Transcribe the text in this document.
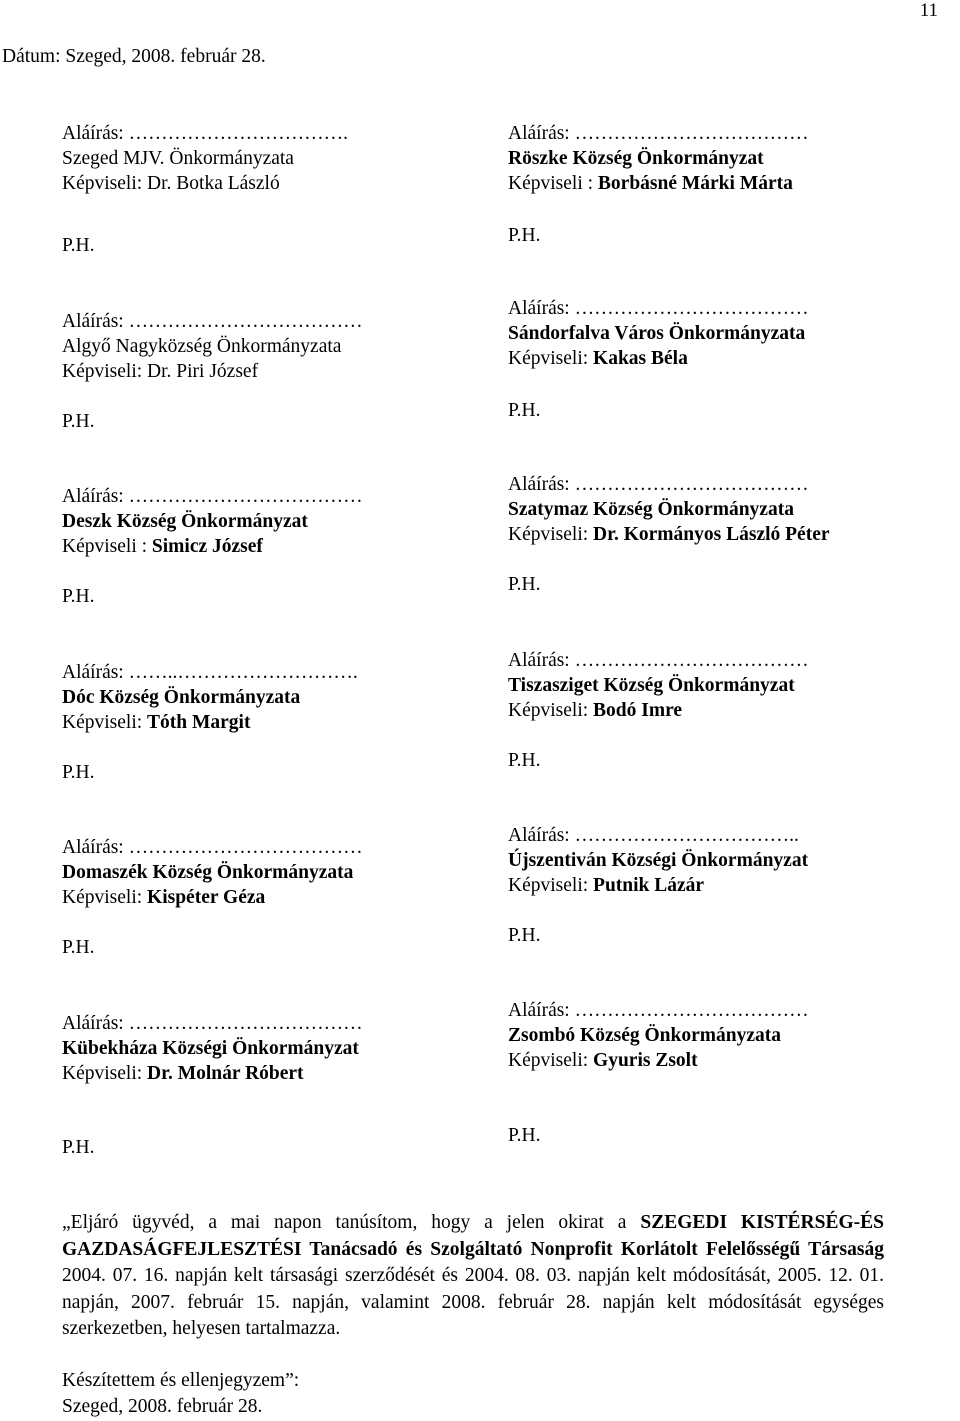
11
Dátum: Szeged, 2008. február 28.
Aláírás: …………………………….
Szeged MJV. Önkormányzata
Képviseli: Dr. Botka László
P.H.
Aláírás: ………………………………
Röszke Község Önkormányzat
Képviseli : Borbásné Márki Márta
P.H.
Aláírás: ………………………………
Algyő Nagyközség Önkormányzata
Képviseli: Dr. Piri József
P.H.
Aláírás: ………………………………
Sándorfalva Város Önkormányzata
Képviseli: Kakas Béla
P.H.
Aláírás: ………………………………
Deszk Község Önkormányzat
Képviseli : Simicz József
P.H.
Aláírás: ………………………………
Szatymaz Község Önkormányzata
Képviseli: Dr. Kormányos László Péter
P.H.
Aláírás: ……..……………………….
Dóc Község Önkormányzata
Képviseli: Tóth Margit
P.H.
Aláírás: ………………………………
Tiszasziget Község Önkormányzat
Képviseli: Bodó Imre
P.H.
Aláírás: ………………………………
Domaszék Község Önkormányzata
Képviseli: Kispéter Géza
P.H.
Aláírás: ……………………………..
Újszentiván Községi Önkormányzat
Képviseli: Putnik Lázár
P.H.
Aláírás: ………………………………
Kübekháza Községi Önkormányzat
Képviseli: Dr. Molnár Róbert
P.H.
Aláírás: ………………………………
Zsombó Község Önkormányzata
Képviseli: Gyuris Zsolt
P.H.
„Eljáró ügyvéd, a mai napon tanúsítom, hogy a jelen okirat a SZEGEDI KISTÉRSÉG-ÉS GAZDASÁGFEJLESZTÉSI Tanácsadó és Szolgáltató Nonprofit Korlátolt Felelősségű Társaság 2004. 07. 16. napján kelt társasági szerződését és 2004. 08. 03. napján kelt módosítását, 2005. 12. 01. napján, 2007. február 15. napján, valamint 2008. február 28. napján kelt módosítását egységes szerkezetben, helyesen tartalmazza.
Készítettem és ellenjegyzem”:
Szeged, 2008. február 28.
